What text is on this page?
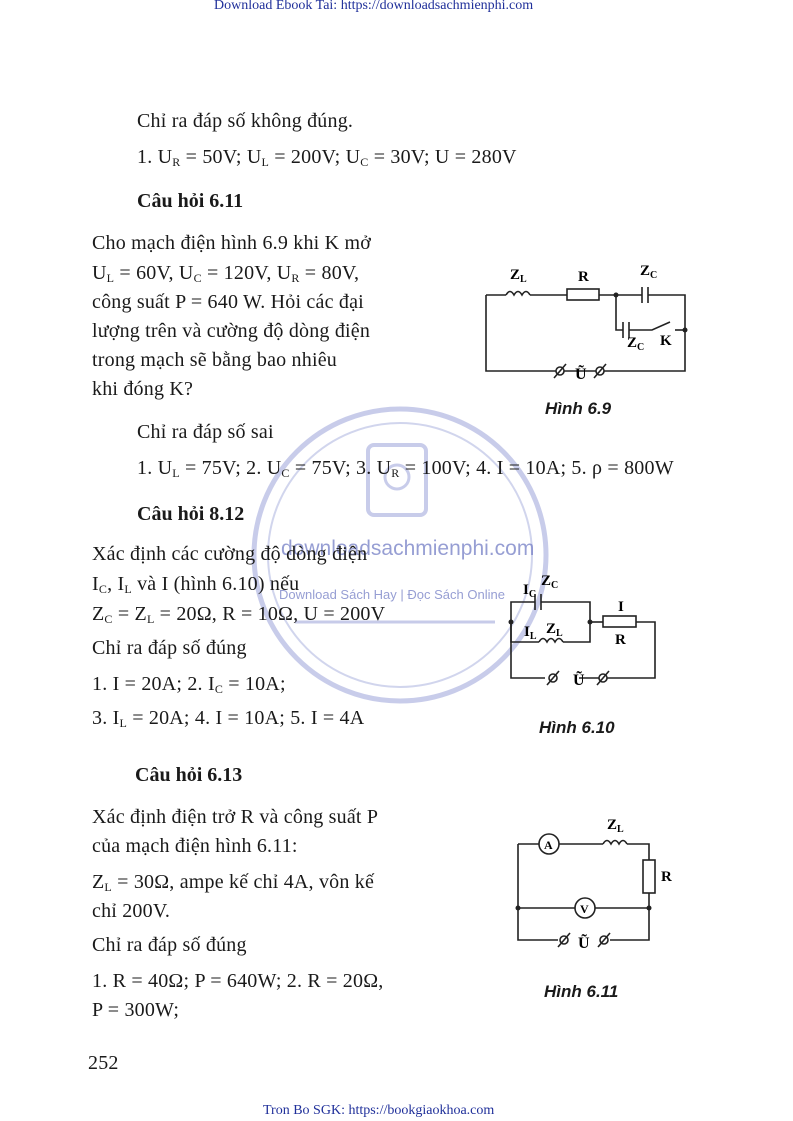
Download Ebook Tai: https://downloadsachmienphi.com
Tron Bo SGK: https://bookgiaokhoa.com
downloadsachmienphi.com
Download Sách Hay | Đọc Sách Online
Chỉ ra đáp số không đúng.
1. $U_R = 50V$; $U_L = 200V$; $U_C = 30V$; U = 280V
Câu hỏi 6.11
Cho mạch điện hình 6.9 khi K mở
$U_L = 60V$, $U_C = 120V$, $U_R = 80V$,
công suất P = 640 W. Hỏi các đại
lượng trên và cường độ dòng điện
trong mạch sẽ bằng bao nhiêu
khi đóng K?
Chỉ ra đáp số sai
1. $U_L = 75V$; 2. $U_C = 75V$; 3. $U_R = 100V$; 4. I = 10A; 5. ρ = 800W
$Z_L$	R	$Z_C$
$Z_C$ K
Ũ
Hình 6.9
Câu hỏi 8.12
Xác định các cường độ dòng điện
$I_C$, $I_L$ và I (hình 6.10) nếu
$Z_C = Z_L = 20\Omega$, R = 10Ω, U = 200V
Chỉ ra đáp số đúng
1. I = 20A; 2. $I_C = 10A$;
3. $I_L = 20A$; 4. I = 10A; 5. I = 4A
$I_C$
$Z_C$
$I_L$ $Z_L$
I
R
Ũ
Hình 6.10
Câu hỏi 6.13
Xác định điện trở R và công suất P
của mạch điện hình 6.11:
$Z_L = 30\Omega$, ampe kế chỉ 4A, vôn kế
chỉ 200V.
Chỉ ra đáp số đúng
1. R = 40Ω; P = 640W; 2. R = 20Ω,
P = 300W;
A
V
$Z_L$
R
Ũ
Hình 6.11
252
